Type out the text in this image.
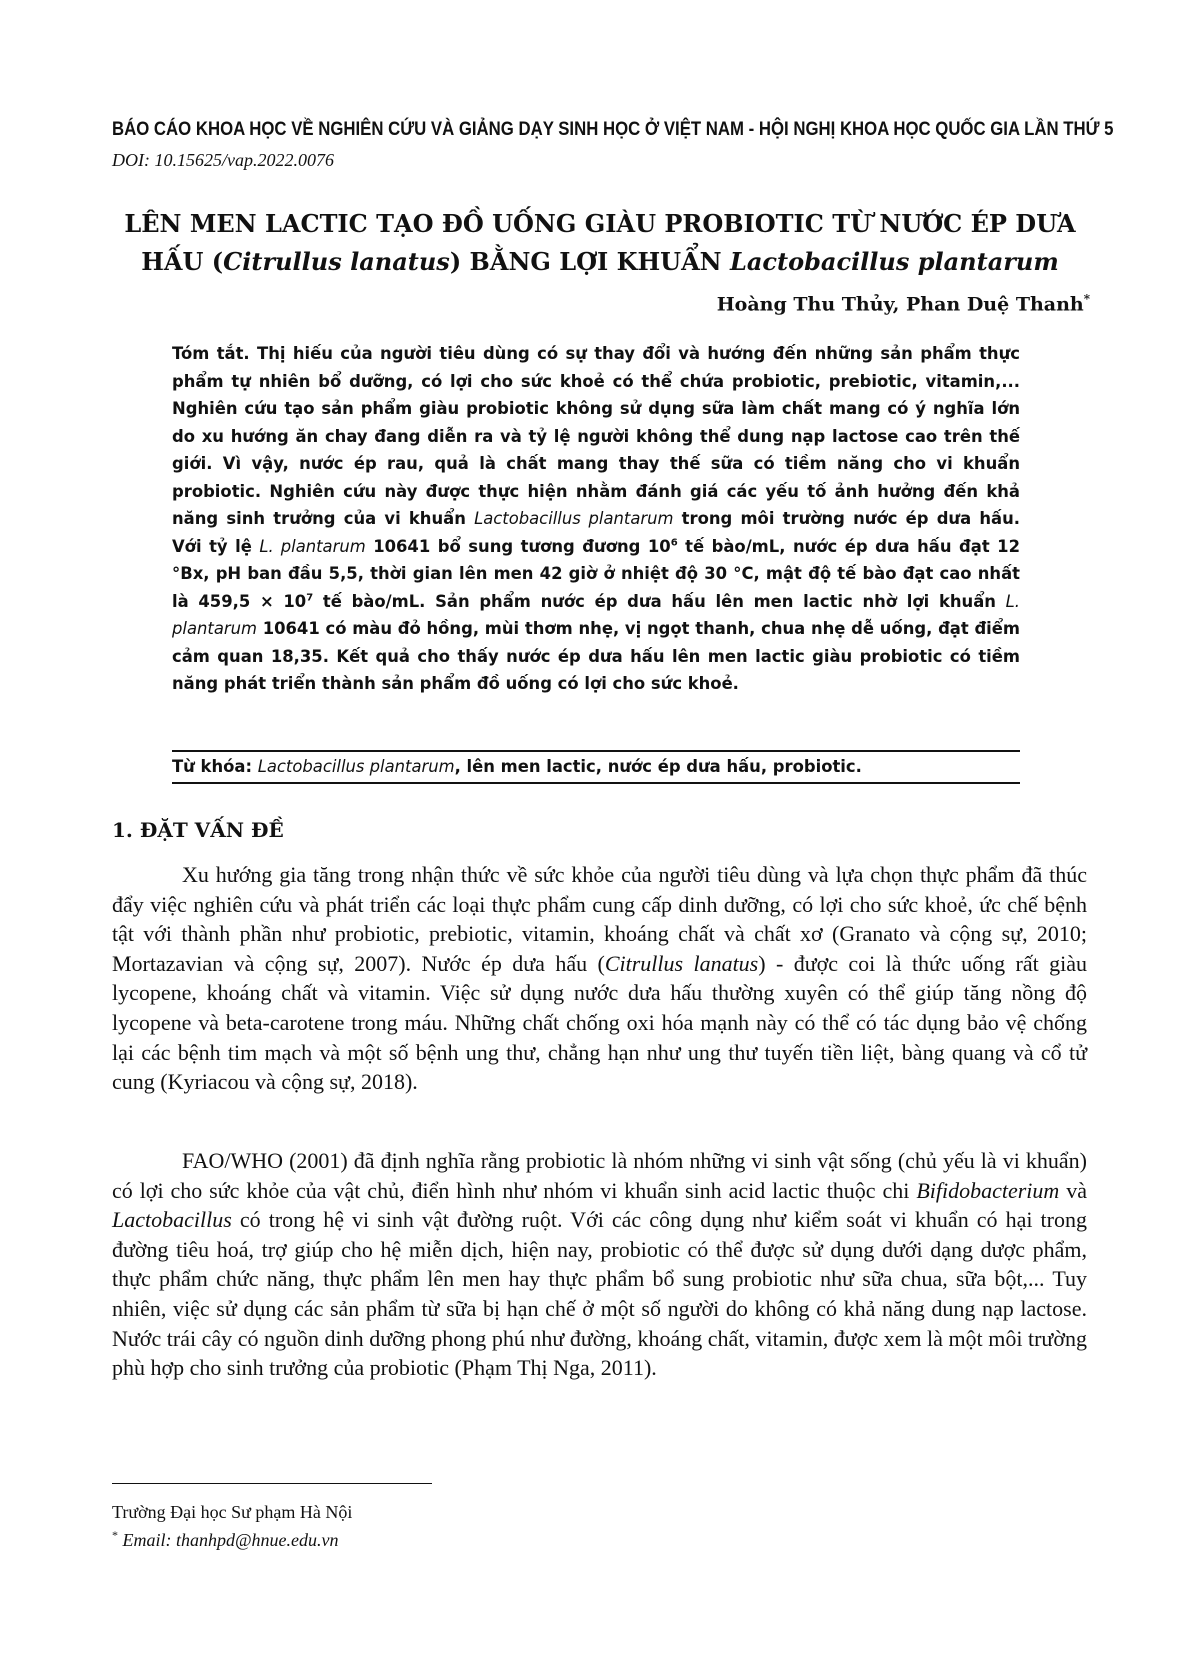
BÁO CÁO KHOA HỌC VỀ NGHIÊN CỨU VÀ GIẢNG DẠY SINH HỌC Ở VIỆT NAM - HỘI NGHỊ KHOA HỌC QUỐC GIA LẦN THỨ 5
DOI: 10.15625/vap.2022.0076
LÊN MEN LACTIC TẠO ĐỒ UỐNG GIÀU PROBIOTIC TỪ NƯỚC ÉP DƯA
HẤU (Citrullus lanatus) BẰNG LỢI KHUẨN Lactobacillus plantarum
Hoàng Thu Thủy, Phan Duệ Thanh*
Tóm tắt. Thị hiếu của người tiêu dùng có sự thay đổi và hướng đến những sản phẩm thực phẩm tự nhiên bổ dưỡng, có lợi cho sức khoẻ có thể chứa probiotic, prebiotic, vitamin,... Nghiên cứu tạo sản phẩm giàu probiotic không sử dụng sữa làm chất mang có ý nghĩa lớn do xu hướng ăn chay đang diễn ra và tỷ lệ người không thể dung nạp lactose cao trên thế giới. Vì vậy, nước ép rau, quả là chất mang thay thế sữa có tiềm năng cho vi khuẩn probiotic. Nghiên cứu này được thực hiện nhằm đánh giá các yếu tố ảnh hưởng đến khả năng sinh trưởng của vi khuẩn Lactobacillus plantarum trong môi trường nước ép dưa hấu. Với tỷ lệ L. plantarum 10641 bổ sung tương đương $10^6$ tế bào/mL, nước ép dưa hấu đạt 12 °Bx, pH ban đầu 5,5, thời gian lên men 42 giờ ở nhiệt độ 30 °C, mật độ tế bào đạt cao nhất là $459,5 \times 10^7$ tế bào/mL. Sản phẩm nước ép dưa hấu lên men lactic nhờ lợi khuẩn L. plantarum 10641 có màu đỏ hồng, mùi thơm nhẹ, vị ngọt thanh, chua nhẹ dễ uống, đạt điểm cảm quan 18,35. Kết quả cho thấy nước ép dưa hấu lên men lactic giàu probiotic có tiềm năng phát triển thành sản phẩm đồ uống có lợi cho sức khoẻ.
Từ khóa: Lactobacillus plantarum, lên men lactic, nước ép dưa hấu, probiotic.
1. ĐẶT VẤN ĐỀ
Xu hướng gia tăng trong nhận thức về sức khỏe của người tiêu dùng và lựa chọn thực phẩm đã thúc đẩy việc nghiên cứu và phát triển các loại thực phẩm cung cấp dinh dưỡng, có lợi cho sức khoẻ, ức chế bệnh tật với thành phần như probiotic, prebiotic, vitamin, khoáng chất và chất xơ (Granato và cộng sự, 2010; Mortazavian và cộng sự, 2007). Nước ép dưa hấu (Citrullus lanatus) - được coi là thức uống rất giàu lycopene, khoáng chất và vitamin. Việc sử dụng nước dưa hấu thường xuyên có thể giúp tăng nồng độ lycopene và beta-carotene trong máu. Những chất chống oxi hóa mạnh này có thể có tác dụng bảo vệ chống lại các bệnh tim mạch và một số bệnh ung thư, chẳng hạn như ung thư tuyến tiền liệt, bàng quang và cổ tử cung (Kyriacou và cộng sự, 2018).
FAO/WHO (2001) đã định nghĩa rằng probiotic là nhóm những vi sinh vật sống (chủ yếu là vi khuẩn) có lợi cho sức khỏe của vật chủ, điển hình như nhóm vi khuẩn sinh acid lactic thuộc chi Bifidobacterium và Lactobacillus có trong hệ vi sinh vật đường ruột. Với các công dụng như kiểm soát vi khuẩn có hại trong đường tiêu hoá, trợ giúp cho hệ miễn dịch, hiện nay, probiotic có thể được sử dụng dưới dạng dược phẩm, thực phẩm chức năng, thực phẩm lên men hay thực phẩm bổ sung probiotic như sữa chua, sữa bột,... Tuy nhiên, việc sử dụng các sản phẩm từ sữa bị hạn chế ở một số người do không có khả năng dung nạp lactose. Nước trái cây có nguồn dinh dưỡng phong phú như đường, khoáng chất, vitamin, được xem là một môi trường phù hợp cho sinh trưởng của probiotic (Phạm Thị Nga, 2011).
Trường Đại học Sư phạm Hà Nội
* Email: thanhpd@hnue.edu.vn
